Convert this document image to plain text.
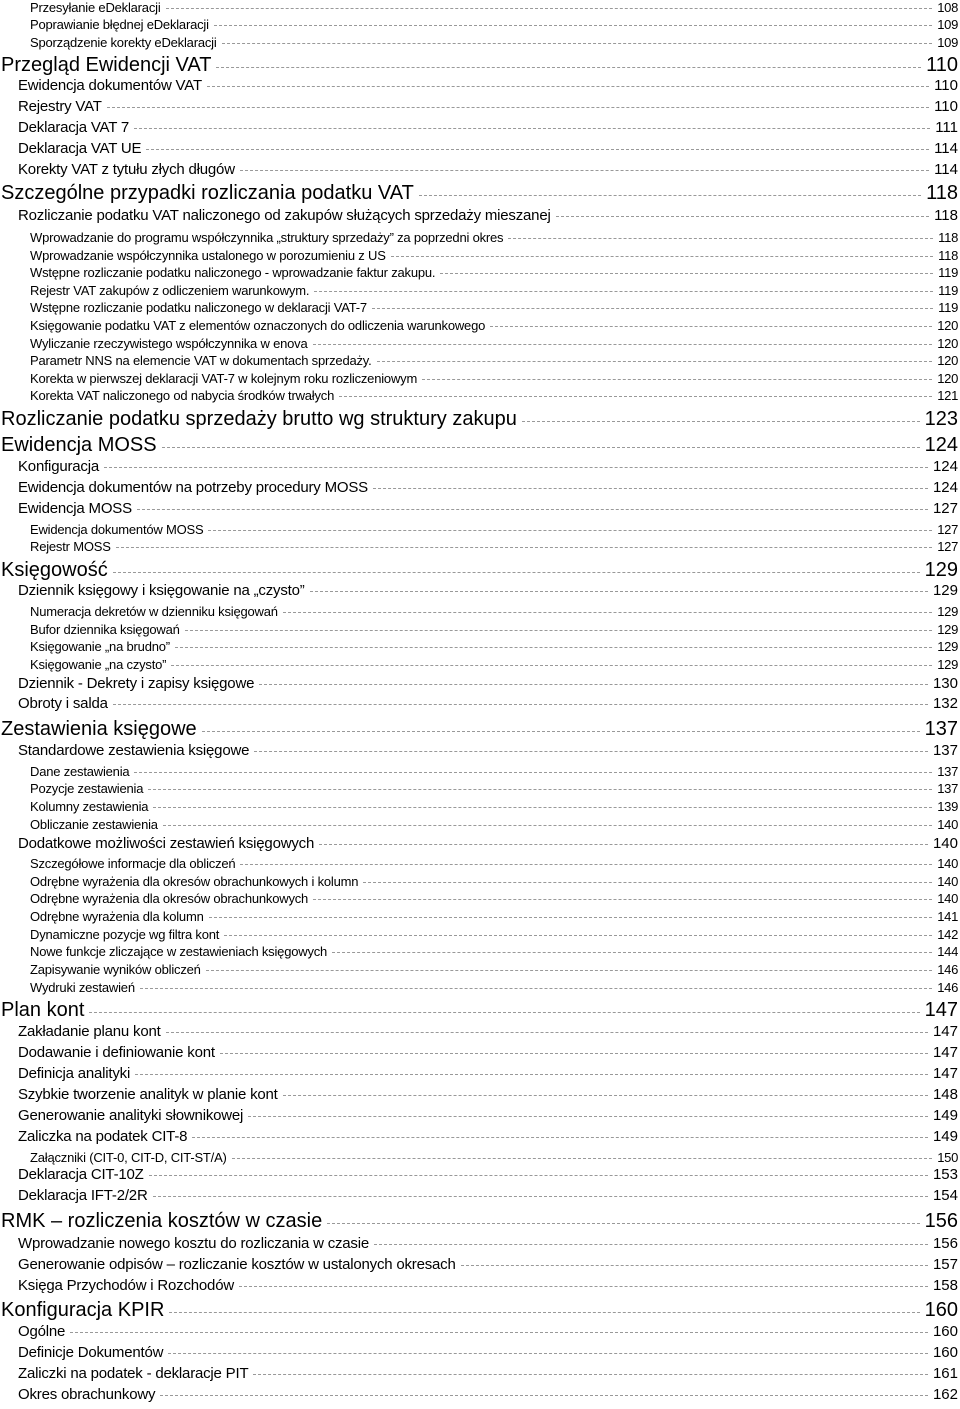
Przesyłanie eDeklaracji	108
Poprawianie błędnej eDeklaracji	109
Sporządzenie korekty eDeklaracji	109
Przegląd Ewidencji VAT	110
Ewidencja dokumentów VAT	110
Rejestry VAT	110
Deklaracja VAT 7	111
Deklaracja VAT UE	114
Korekty VAT z tytułu złych długów	114
Szczególne przypadki rozliczania podatku VAT	118
Rozliczanie podatku VAT naliczonego od zakupów służących sprzedaży mieszanej	118
Wprowadzanie do programu współczynnika „struktury sprzedaży” za poprzedni okres	118
Wprowadzanie współczynnika ustalonego w porozumieniu z US	118
Wstępne rozliczanie podatku naliczonego - wprowadzanie faktur zakupu.	119
Rejestr VAT zakupów z odliczeniem warunkowym.	119
Wstępne rozliczanie podatku naliczonego w deklaracji VAT-7	119
Księgowanie podatku VAT z elementów oznaczonych do odliczenia warunkowego	120
Wyliczanie rzeczywistego współczynnika w enova	120
Parametr NNS na elemencie VAT w dokumentach sprzedaży.	120
Korekta w pierwszej deklaracji VAT-7 w kolejnym roku rozliczeniowym	120
Korekta VAT naliczonego od nabycia środków trwałych	121
Rozliczanie podatku sprzedaży brutto wg struktury zakupu	123
Ewidencja MOSS	124
Konfiguracja	124
Ewidencja dokumentów na potrzeby procedury MOSS	124
Ewidencja MOSS	127
Ewidencja dokumentów MOSS	127
Rejestr MOSS	127
Księgowość	129
Dziennik księgowy i księgowanie na „czysto”	129
Numeracja dekretów w dzienniku księgowań	129
Bufor dziennika księgowań	129
Księgowanie „na brudno”	129
Księgowanie „na czysto”	129
Dziennik - Dekrety i zapisy księgowe	130
Obroty i salda	132
Zestawienia księgowe	137
Standardowe zestawienia księgowe	137
Dane zestawienia	137
Pozycje zestawienia	137
Kolumny zestawienia	139
Obliczanie zestawienia	140
Dodatkowe możliwości zestawień księgowych	140
Szczegółowe informacje dla obliczeń	140
Odrębne wyrażenia dla okresów obrachunkowych i kolumn	140
Odrębne wyrażenia dla okresów obrachunkowych	140
Odrębne wyrażenia dla kolumn	141
Dynamiczne pozycje wg filtra kont	142
Nowe funkcje zliczające w zestawieniach księgowych	144
Zapisywanie wyników obliczeń	146
Wydruki zestawień	146
Plan kont	147
Zakładanie planu kont	147
Dodawanie i definiowanie kont	147
Definicja analityki	147
Szybkie tworzenie analityk w planie kont	148
Generowanie analityki słownikowej	149
Zaliczka na podatek CIT-8	149
Załączniki (CIT-0, CIT-D, CIT-ST/A)	150
Deklaracja CIT-10Z	153
Deklaracja IFT-2/2R	154
RMK – rozliczenia kosztów w czasie	156
Wprowadzanie nowego kosztu do rozliczania w czasie	156
Generowanie odpisów – rozliczanie kosztów w ustalonych okresach	157
Księga Przychodów i Rozchodów	158
Konfiguracja KPIR	160
Ogólne	160
Definicje Dokumentów	160
Zaliczki na podatek - deklaracje PIT	161
Okres obrachunkowy	162
